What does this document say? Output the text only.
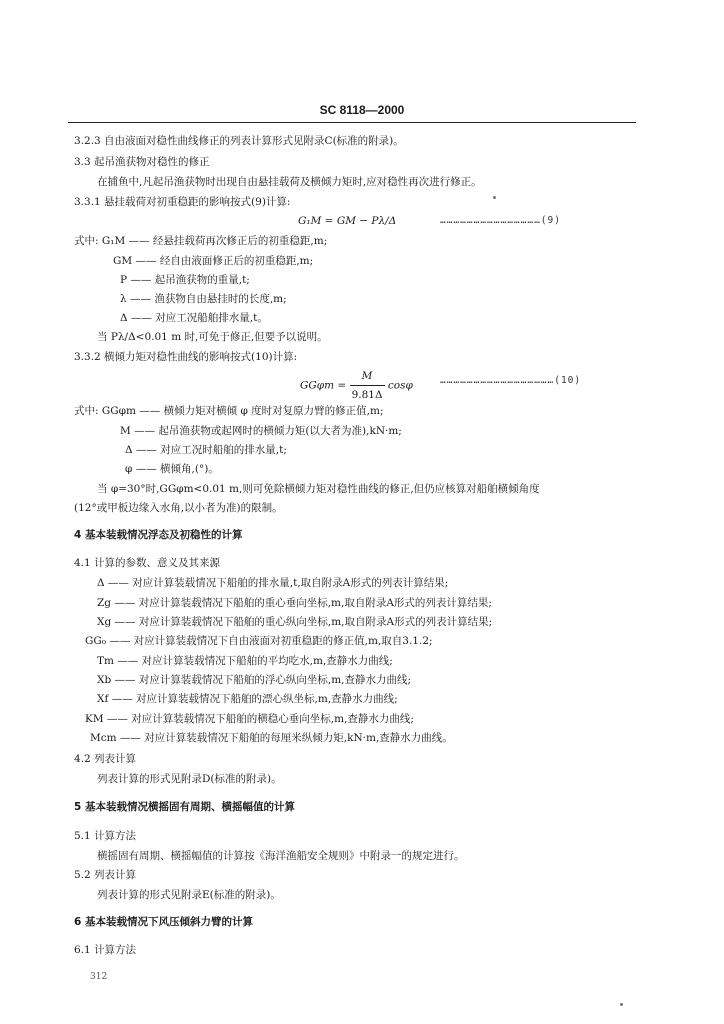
SC 8118—2000
3.2.3 自由液面对稳性曲线修正的列表计算形式见附录C(标准的附录)。
3.3 起吊渔获物对稳性的修正
在捕鱼中,凡起吊渔获物时出现自由悬挂载荷及横倾力矩时,应对稳性再次进行修正。
3.3.1 悬挂载荷对初重稳距的影响按式(9)计算:
G₁M = GM − Pλ/Δ	………………………………………(9)
式中: G₁M —— 经悬挂载荷再次修正后的初重稳距,m;
GM —— 经自由液面修正后的初重稳距,m;
P —— 起吊渔获物的重量,t;
λ —— 渔获物自由悬挂时的长度,m;
Δ —— 对应工况船舶排水量,t。
当 Pλ/Δ<0.01 m 时,可免于修正,但要予以说明。
3.3.2 横倾力矩对稳性曲线的影响按式(10)计算:
$GG\varphi m = \frac{M}{9.81\Delta}$ cosφ	……………………………………………(10)
式中: GGφm —— 横倾力矩对横倾 φ 度时对复原力臂的修正值,m;
M —— 起吊渔获物或起网时的横倾力矩(以大者为准),kN·m;
Δ —— 对应工况时船舶的排水量,t;
φ —— 横倾角,(°)。
当 φ=30°时,GGφm<0.01 m,则可免除横倾力矩对稳性曲线的修正,但仍应核算对船舶横倾角度
(12°或甲板边缘入水角,以小者为准)的限制。
4 基本装载情况浮态及初稳性的计算
4.1 计算的参数、意义及其来源
Δ —— 对应计算装载情况下船舶的排水量,t,取自附录A形式的列表计算结果;
Zg —— 对应计算装载情况下船舶的重心垂向坐标,m,取自附录A形式的列表计算结果;
Xg —— 对应计算装载情况下船舶的重心纵向坐标,m,取自附录A形式的列表计算结果;
GG₀ —— 对应计算装载情况下自由液面对初重稳距的修正值,m,取自3.1.2;
Tm —— 对应计算装载情况下船舶的平均吃水,m,查静水力曲线;
Xb —— 对应计算装载情况下船舶的浮心纵向坐标,m,查静水力曲线;
Xf —— 对应计算装载情况下船舶的漂心纵坐标,m,查静水力曲线;
KM —— 对应计算装载情况下船舶的横稳心垂向坐标,m,查静水力曲线;
Mcm —— 对应计算装载情况下船舶的每厘米纵倾力矩,kN·m,查静水力曲线。
4.2 列表计算
列表计算的形式见附录D(标准的附录)。
5 基本装载情况横摇固有周期、横摇幅值的计算
5.1 计算方法
横摇固有周期、横摇幅值的计算按《海洋渔船安全规则》中附录一的规定进行。
5.2 列表计算
列表计算的形式见附录E(标准的附录)。
6 基本装载情况下风压倾斜力臂的计算
6.1 计算方法
312
